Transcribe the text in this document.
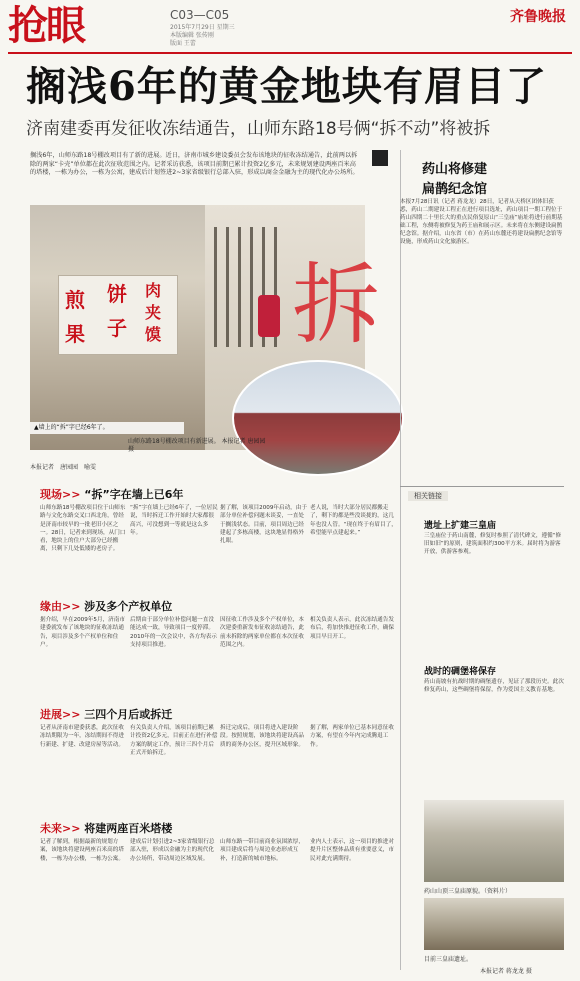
抢眼	C03—C05
2015年7月29日 星期三
本版编辑 张传刚
版面 王蕾
齐鲁晚报
搁浅6年的黄金地块有眉目了
济南建委再发征收冻结通告，山师东路18号俩“拆不动”将被拆
搁浅6年，山师东路18号棚改项目有了新的进展。近日，济南市城乡建设委员会发布该地块的征收冻结通告，此前两以拆除的两家“卡壳”单位都在此次征收范围之内。记者采访获悉，该项目前期已累计投资2亿多元，未来规划建设两座百米高的塔楼，一栋为办公，一栋为公寓，建成后计划签进2~3家省级银行总部入驻，形成以商金金融为主的现代化办公场所。
拆
煎 饼
果 子
肉
夹
馍
▲墙上的“拆”字已经6年了。
山师东路18号棚改项目有新进展。 本报记者 唐园园 摄
本报记者　唐园园　喻雯
药山将修建
扁鹊纪念馆
本报7月28日讯（记者 蒋龙龙）28日，记者从天桥区团体旧获悉，药山二期建设工程正在进行项目选址，药山项目一期工程位于药山四期二十里长大的重点民俗复原山“三皇庙”庙址将进行前期基础工程，东侧将被修复为药王庙和展示区。未来将在东侧建设扁鹊纪念馆。据介绍，山东省（市）在药山东麓还将建设扁鹊纪念馆等设施，形成药山文化旅游区。
相关链接
遗址上扩建三皇庙
三皇庙位于药山南麓，修复时参照了清代碑文，遵循“修旧如旧”的原则，建筑面积约300平方米。届时将为游客开放，供游客参观。
战时的碉堡将保存
药山南坡有抗战时期的碉堡遗存，见证了那段历史。此次修复药山，这些碉堡将保留，作为爱国主义教育基地。
药山山顶三皇庙原貌。（资料片）
目前三皇庙遗址。
本报记者 蒋龙龙 摄
现场>> “拆”字在墙上已6年
山师东路18号棚改项目位于山师东路与文化东路交叉口西北角，曾经是济南市较早的一批老旧小区之一。28日，记者来到现场，从门口看，地块上的住户大部分已经搬离，只剩下几处低矮的老房子。
“拆”字在墙上已经6年了，一位居民说，当时拆迁工作开始时大家都很高兴，可没想到一等就是这么多年。
据了解，该项目2009年启动，由于部分单位补偿问题未谈妥，一直处于搁浅状态。目前，项目周边已经建起了多栋高楼，这块地显得格外扎眼。
老人说，当时大部分居民都搬走了，剩下的都是些没谈拢的，这几年也没人管。“现在终于有眉目了，希望能早点建起来。”
缘由>> 涉及多个产权单位
据介绍，早在2009年5月，济南市建委就发布了该地块的征收冻结通告，项目涉及多个产权单位和住户。
后期由于部分单位补偿问题一直没能达成一致，导致项目一度停滞。2010年的一次会议中，各方均表示支持项目推进。
因征收工作涉及多个产权单位，本次建委重新发布征收冻结通告，此前未拆除的两家单位都在本次征收范围之内。
相关负责人表示，此次冻结通告发布后，将加快推进征收工作，确保项目早日开工。
进展>> 三四个月后或拆迁
记者从济南市建委获悉，此次征收冻结期限为一年，冻结期间不得进行新建、扩建、改建房屋等活动。
有关负责人介绍，该项目前期已累计投资2亿多元，目前正在进行补偿方案的制定工作，预计三四个月后正式开始拆迁。
拆迁完成后，项目将进入建设阶段。按照规划，该地块将建设高品质的商务办公区，提升区域形象。
据了解，两家单位已基本同意征收方案，有望在今年内完成腾退工作。
未来>> 将建两座百米塔楼
记者了解到，根据最新的规划方案，该地块将建设两座百米高的塔楼，一栋为办公楼，一栋为公寓。
建成后计划引进2~3家省级银行总部入驻，形成以金融为主的现代化办公场所，带动周边区域发展。
山师东路一带目前商业氛围浓厚，项目建成后将与周边业态形成互补，打造新的城市地标。
业内人士表示，这一项目的推进对提升片区整体品质有重要意义，市民对此充满期待。
